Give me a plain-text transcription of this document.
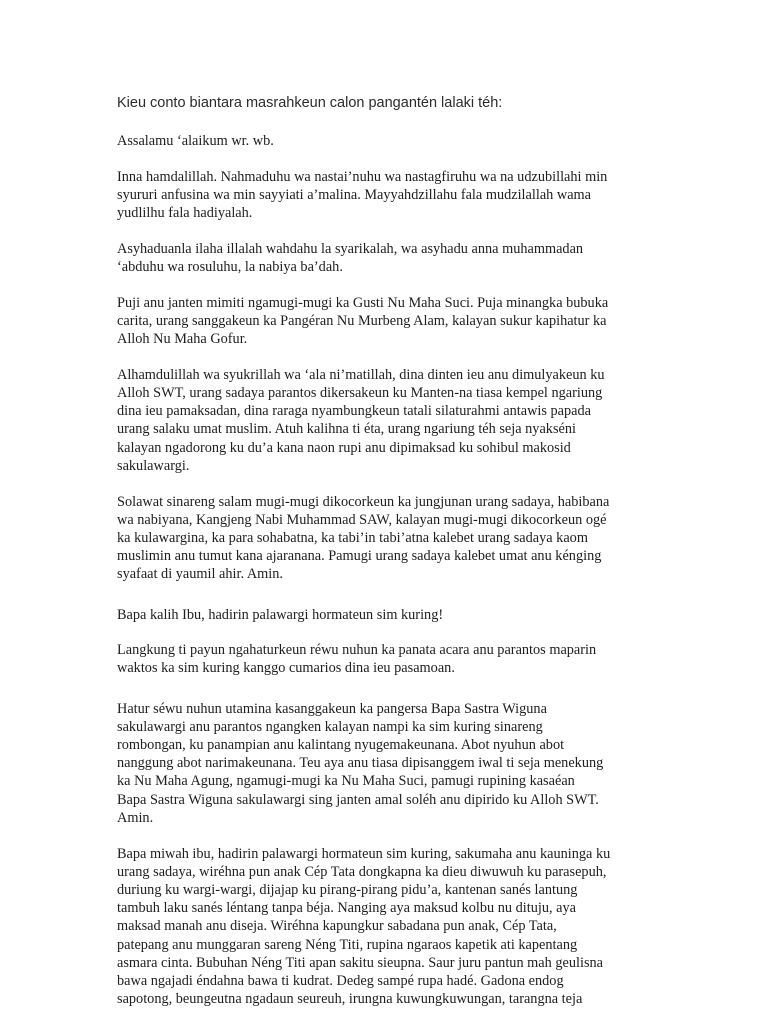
Kieu conto biantara masrahkeun calon pangantén lalaki téh:

Assalamu ‘alaikum wr. wb.

Inna hamdalillah. Nahmaduhu wa nastai’nuhu wa nastagfiruhu wa na udzubillahi min
syururi anfusina wa min sayyiati a’malina. Mayyahdzillahu fala mudzilallah wama
yudlilhu fala hadiyalah.

Asyhaduanla ilaha illalah wahdahu la syarikalah, wa asyhadu anna muhammadan
‘abduhu wa rosuluhu, la nabiya ba’dah.

Puji anu janten mimiti ngamugi-mugi ka Gusti Nu Maha Suci. Puja minangka bubuka
carita, urang sanggakeun ka Pangéran Nu Murbeng Alam, kalayan sukur kapihatur ka
Alloh Nu Maha Gofur.

Alhamdulillah wa syukrillah wa ‘ala ni’matillah, dina dinten ieu anu dimulyakeun ku
Alloh SWT, urang sadaya parantos dikersakeun ku Manten-na tiasa kempel ngariung
dina ieu pamaksadan, dina raraga nyambungkeun tatali silaturahmi antawis papada
urang salaku umat muslim. Atuh kalihna ti éta, urang ngariung téh seja nyakséni
kalayan ngadorong ku du’a kana naon rupi anu dipimaksad ku sohibul makosid
sakulawargi.

Solawat sinareng salam mugi-mugi dikocorkeun ka jungjunan urang sadaya, habibana
wa nabiyana, Kangjeng Nabi Muhammad SAW, kalayan mugi-mugi dikocorkeun ogé
ka kulawargina, ka para sohabatna, ka tabi’in tabi’atna kalebet urang sadaya kaom
muslimin anu tumut kana ajaranana. Pamugi urang sadaya kalebet umat anu kénging
syafaat di yaumil ahir. Amin.

Bapa kalih Ibu, hadirin palawargi hormateun sim kuring!

Langkung ti payun ngahaturkeun réwu nuhun ka panata acara anu parantos maparin
waktos ka sim kuring kanggo cumarios dina ieu pasamoan.

Hatur séwu nuhun utamina kasanggakeun ka pangersa Bapa Sastra Wiguna
sakulawargi anu parantos ngangken kalayan nampi ka sim kuring sinareng
rombongan, ku panampian anu kalintang nyugemakeunana. Abot nyuhun abot
nanggung abot narimakeunana. Teu aya anu tiasa dipisanggem iwal ti seja menekung
ka Nu Maha Agung, ngamugi-mugi ka Nu Maha Suci, pamugi rupining kasaéan
Bapa Sastra Wiguna sakulawargi sing janten amal soléh anu dipirido ku Alloh SWT.
Amin.

Bapa miwah ibu, hadirin palawargi hormateun sim kuring, sakumaha anu kauninga ku
urang sadaya, wiréhna pun anak Cép Tata dongkapna ka dieu diwuwuh ku parasepuh,
duriung ku wargi-wargi, dijajap ku pirang-pirang pidu’a, kantenan sanés lantung
tambuh laku sanés léntang tanpa béja. Nanging aya maksud kolbu nu dituju, aya
maksad manah anu diseja. Wiréhna kapungkur sabadana pun anak, Cép Tata,
patepang anu munggaran sareng Néng Titi, rupina ngaraos kapetik ati kapentang
asmara cinta. Bubuhan Néng Titi apan sakitu sieupna. Saur juru pantun mah geulisna
bawa ngajadi éndahna bawa ti kudrat. Dedeg sampé rupa hadé. Gadona endog
sapotong, beungeutna ngadaun seureuh, irungna kuwungkuwungan, tarangna teja
